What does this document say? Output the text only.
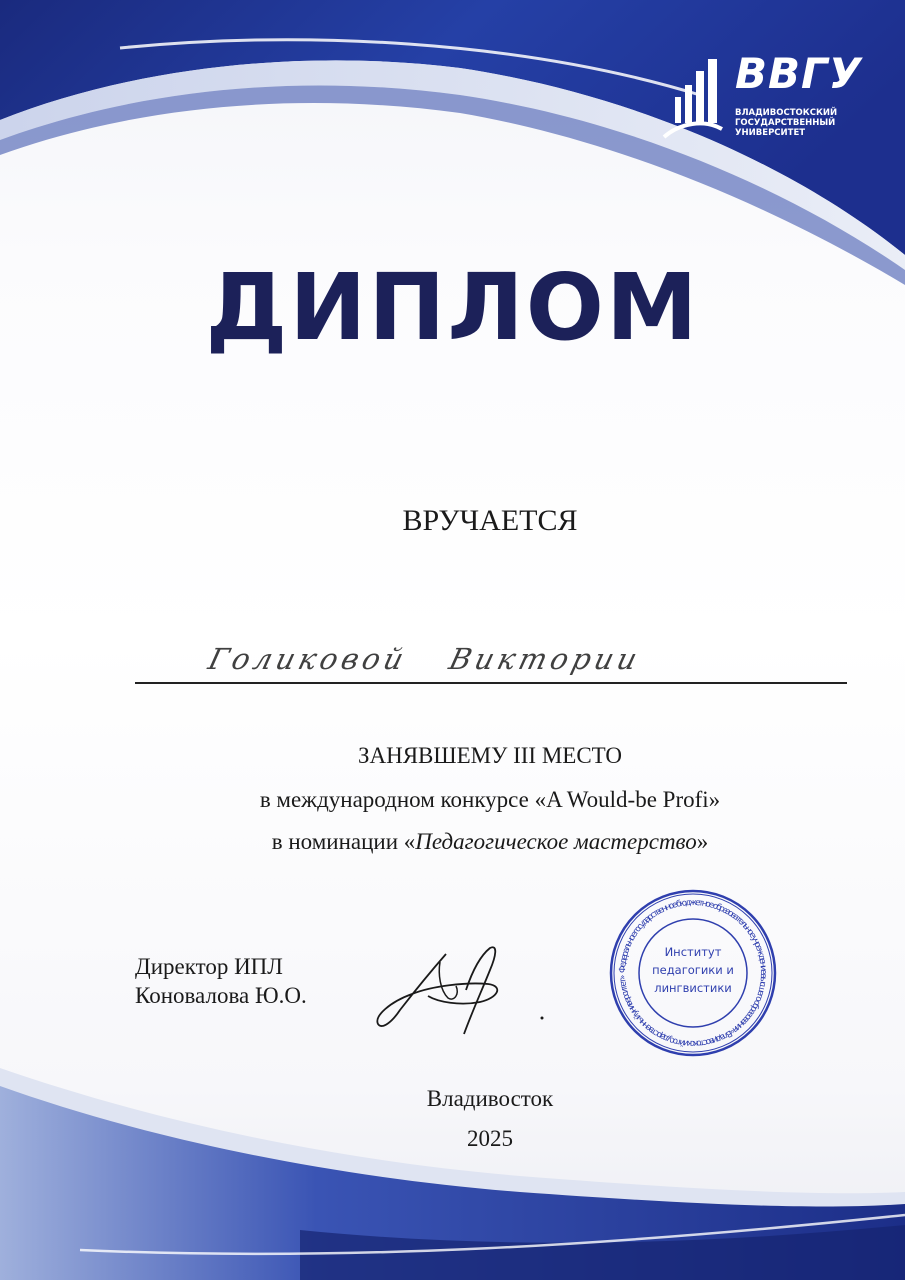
ВВГУ
ВЛАДИВОСТОКСКИЙ ГОСУДАРСТВЕННЫЙ УНИВЕРСИТЕТ
ДИПЛОМ
ВРУЧАЕТСЯ
Голиковой Виктории
ЗАНЯВШЕМУ III МЕСТО
в международном конкурсе «A Would-be Profi»
в номинации «Педагогическое мастерство»
Директор ИПЛ
Коновалова Ю.О.
Федеральное государственное бюджетное образовательное учреждение высшего образования «Владивостокский государственный университет»
Институт
педагогики и
лингвистики
Владивосток
2025
